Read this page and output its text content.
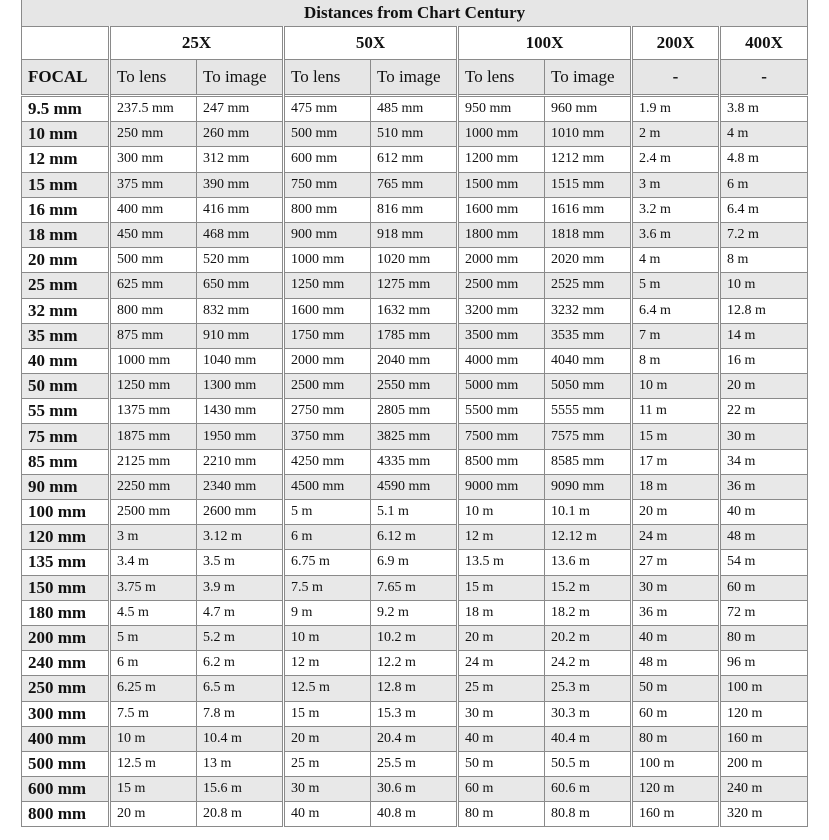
Distances from Chart Century								
	25X		50X		100X		200X	400X
FOCAL	To lens	To image	To lens	To image	To lens	To image	-	-
9.5 mm	237.5 mm	247 mm	475 mm	485 mm	950 mm	960 mm	1.9 m	3.8 m
10 mm	250 mm	260 mm	500 mm	510 mm	1000 mm	1010 mm	2 m	4 m
12 mm	300 mm	312 mm	600 mm	612 mm	1200 mm	1212 mm	2.4 m	4.8 m
15 mm	375 mm	390 mm	750 mm	765 mm	1500 mm	1515 mm	3 m	6 m
16 mm	400 mm	416 mm	800 mm	816 mm	1600 mm	1616 mm	3.2 m	6.4 m
18 mm	450 mm	468 mm	900 mm	918 mm	1800 mm	1818 mm	3.6 m	7.2 m
20 mm	500 mm	520 mm	1000 mm	1020 mm	2000 mm	2020 mm	4 m	8 m
25 mm	625 mm	650 mm	1250 mm	1275 mm	2500 mm	2525 mm	5 m	10 m
32 mm	800 mm	832 mm	1600 mm	1632 mm	3200 mm	3232 mm	6.4 m	12.8 m
35 mm	875 mm	910 mm	1750 mm	1785 mm	3500 mm	3535 mm	7 m	14 m
40 mm	1000 mm	1040 mm	2000 mm	2040 mm	4000 mm	4040 mm	8 m	16 m
50 mm	1250 mm	1300 mm	2500 mm	2550 mm	5000 mm	5050 mm	10 m	20 m
55 mm	1375 mm	1430 mm	2750 mm	2805 mm	5500 mm	5555 mm	11 m	22 m
75 mm	1875 mm	1950 mm	3750 mm	3825 mm	7500 mm	7575 mm	15 m	30 m
85 mm	2125 mm	2210 mm	4250 mm	4335 mm	8500 mm	8585 mm	17 m	34 m
90 mm	2250 mm	2340 mm	4500 mm	4590 mm	9000 mm	9090 mm	18 m	36 m
100 mm	2500 mm	2600 mm	5 m	5.1 m	10 m	10.1 m	20 m	40 m
120 mm	3 m	3.12 m	6 m	6.12 m	12 m	12.12 m	24 m	48 m
135 mm	3.4 m	3.5 m	6.75 m	6.9 m	13.5 m	13.6 m	27 m	54 m
150 mm	3.75 m	3.9 m	7.5 m	7.65 m	15 m	15.2 m	30 m	60 m
180 mm	4.5 m	4.7 m	9 m	9.2 m	18 m	18.2 m	36 m	72 m
200 mm	5 m	5.2 m	10 m	10.2 m	20 m	20.2 m	40 m	80 m
240 mm	6 m	6.2 m	12 m	12.2 m	24 m	24.2 m	48 m	96 m
250 mm	6.25 m	6.5 m	12.5 m	12.8 m	25 m	25.3 m	50 m	100 m
300 mm	7.5 m	7.8 m	15 m	15.3 m	30 m	30.3 m	60 m	120 m
400 mm	10 m	10.4 m	20 m	20.4 m	40 m	40.4 m	80 m	160 m
500 mm	12.5 m	13 m	25 m	25.5 m	50 m	50.5 m	100 m	200 m
600 mm	15 m	15.6 m	30 m	30.6 m	60 m	60.6 m	120 m	240 m
800 mm	20 m	20.8 m	40 m	40.8 m	80 m	80.8 m	160 m	320 m
